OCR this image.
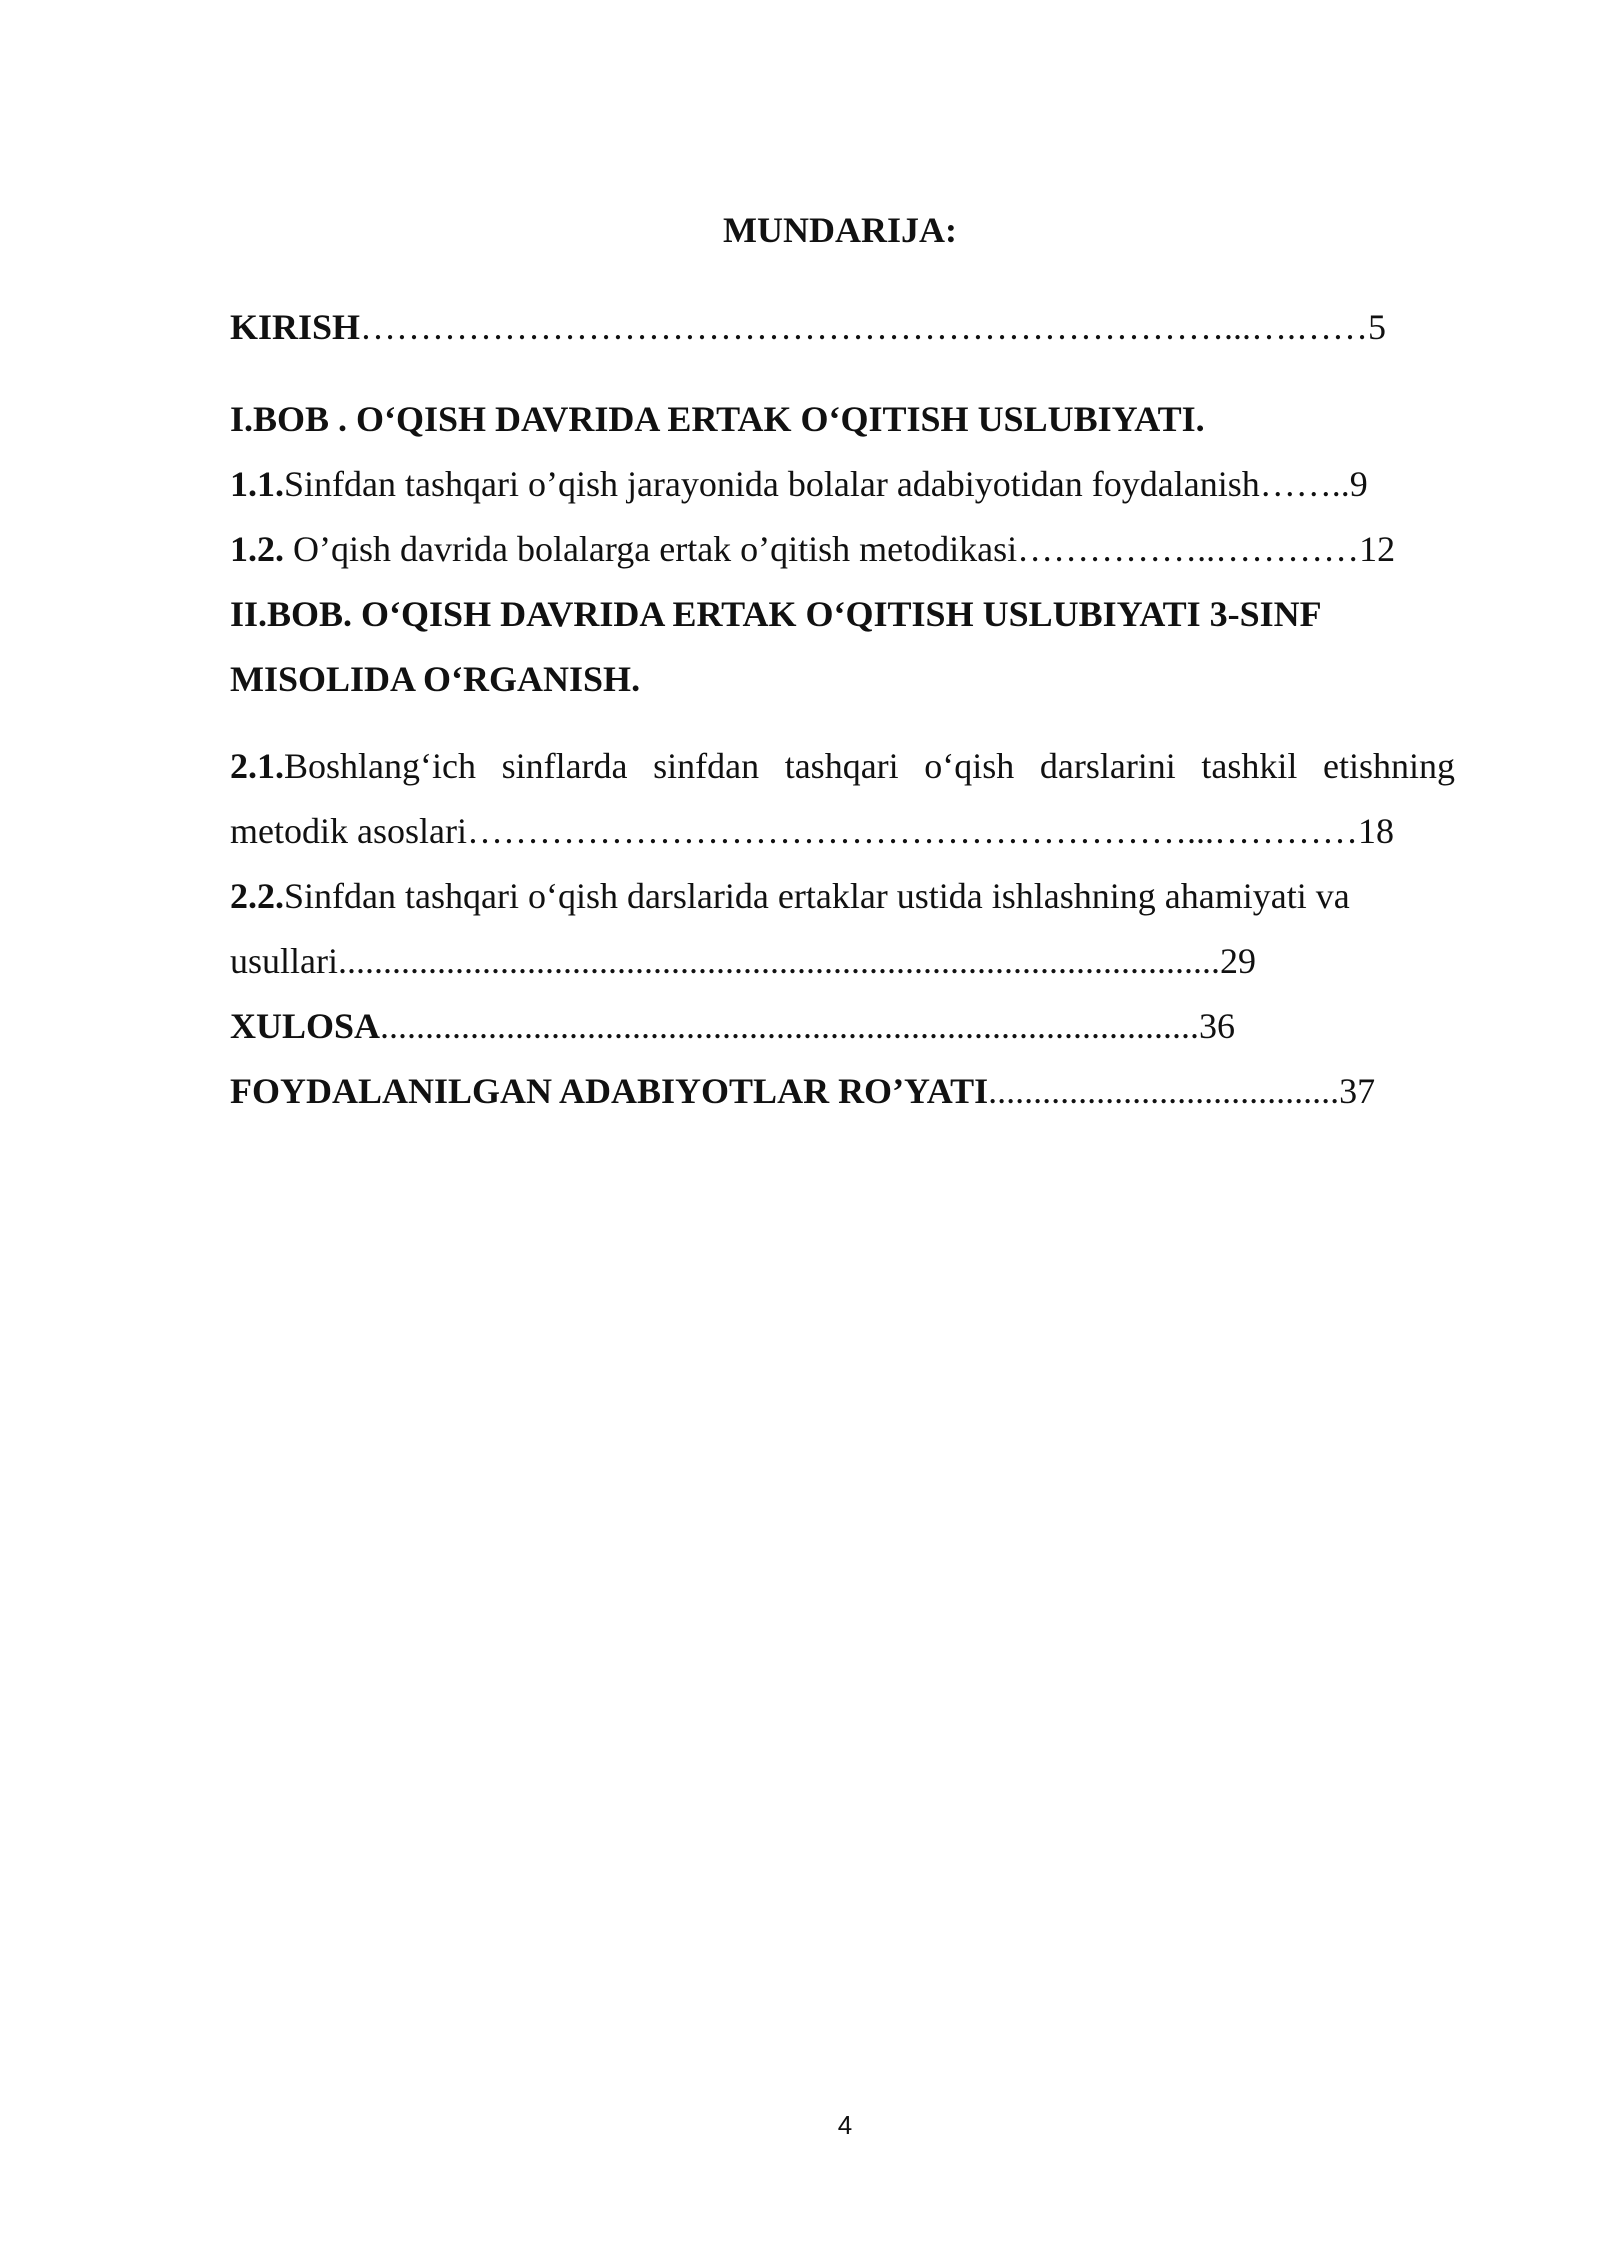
MUNDARIJA:
KIRISH………………………………………………………………...….……5
I.BOB . O‘QISH DAVRIDA ERTAK O‘QITISH USLUBIYATI.
1.1.Sinfdan tashqari o’qish jarayonida bolalar adabiyotidan foydalanish……..9
1.2. O’qish davrida bolalarga ertak o’qitish metodikasi……………..…………12
II.BOB. O‘QISH DAVRIDA ERTAK O‘QITISH USLUBIYATI 3-SINF
MISOLIDA O‘RGANISH.
2.1.Boshlang‘ich sinflarda sinfdan tashqari o‘qish darslarini tashkil etishning
metodik asoslari……………………………………………………...…………18
2.2.Sinfdan tashqari o‘qish darslarida ertaklar ustida ishlashning ahamiyati va
usullari..................................................................................................29
XULOSA...........................................................................................36
FOYDALANILGAN ADABIYOTLAR RO’YATI.......................................37
4
